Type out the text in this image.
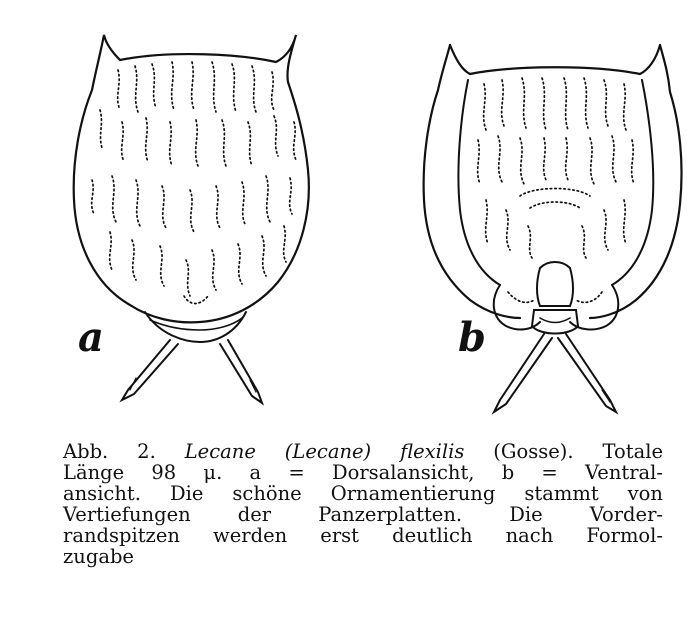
a	b
Abb. 2. Lecane (Lecane) flexilis (Gosse). Totale
Länge 98 μ. a = Dorsalansicht, b = Ventral-
ansicht. Die schöne Ornamentierung stammt von
Vertiefungen der Panzerplatten. Die Vorder-
randspitzen werden erst deutlich nach Formol-
zugabe
